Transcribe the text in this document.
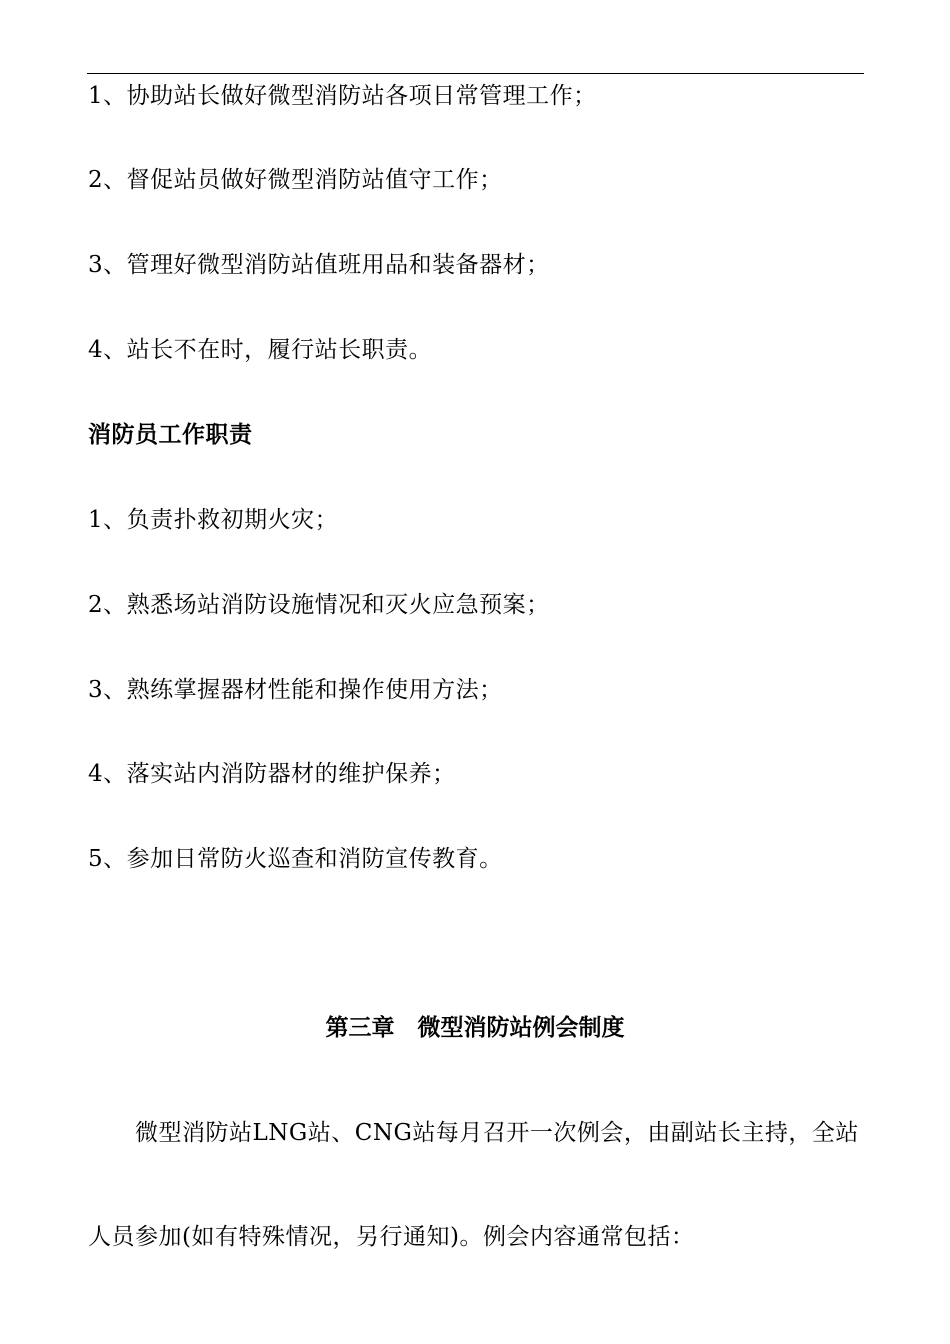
1、协助站长做好微型消防站各项日常管理工作；
2、督促站员做好微型消防站值守工作；
3、管理好微型消防站值班用品和装备器材；
4、站长不在时，履行站长职责。
消防员工作职责
1、负责扑救初期火灾；
2、熟悉场站消防设施情况和灭火应急预案；
3、熟练掌握器材性能和操作使用方法；
4、落实站内消防器材的维护保养；
5、参加日常防火巡查和消防宣传教育。
第三章　微型消防站例会制度
微型消防站LNG站、CNG站每月召开一次例会，由副站长主持，全站
人员参加(如有特殊情况，另行通知)。例会内容通常包括：
